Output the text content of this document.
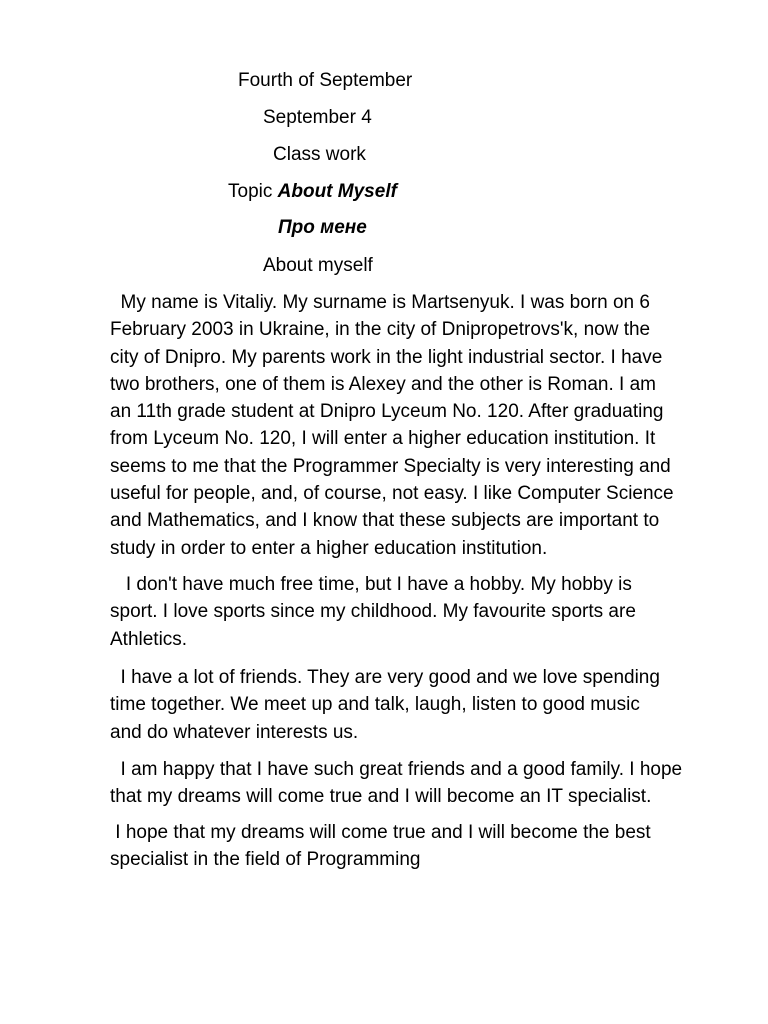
Fourth of September
September 4
Class work
Topic About Myself
Про мене
About myself
My name is Vitaliy. My surname is Martsenyuk. I was born on 6
February 2003 in Ukraine, in the city of Dnipropetrovs'k, now the
city of Dnipro. My parents work in the light industrial sector. I have
two brothers, one of them is Alexey and the other is Roman. I am
an 11th grade student at Dnipro Lyceum No. 120. After graduating
from Lyceum No. 120, I will enter a higher education institution. It
seems to me that the Programmer Specialty is very interesting and
useful for people, and, of course, not easy. I like Computer Science
and Mathematics, and I know that these subjects are important to
study in order to enter a higher education institution.
I don't have much free time, but I have a hobby. My hobby is
sport. I love sports since my childhood. My favourite sports are
Athletics.
I have a lot of friends. They are very good and we love spending
time together. We meet up and talk, laugh, listen to good music
and do whatever interests us.
I am happy that I have such great friends and a good family. I hope
that my dreams will come true and I will become an IT specialist.
I hope that my dreams will come true and I will become the best
specialist in the field of Programming
